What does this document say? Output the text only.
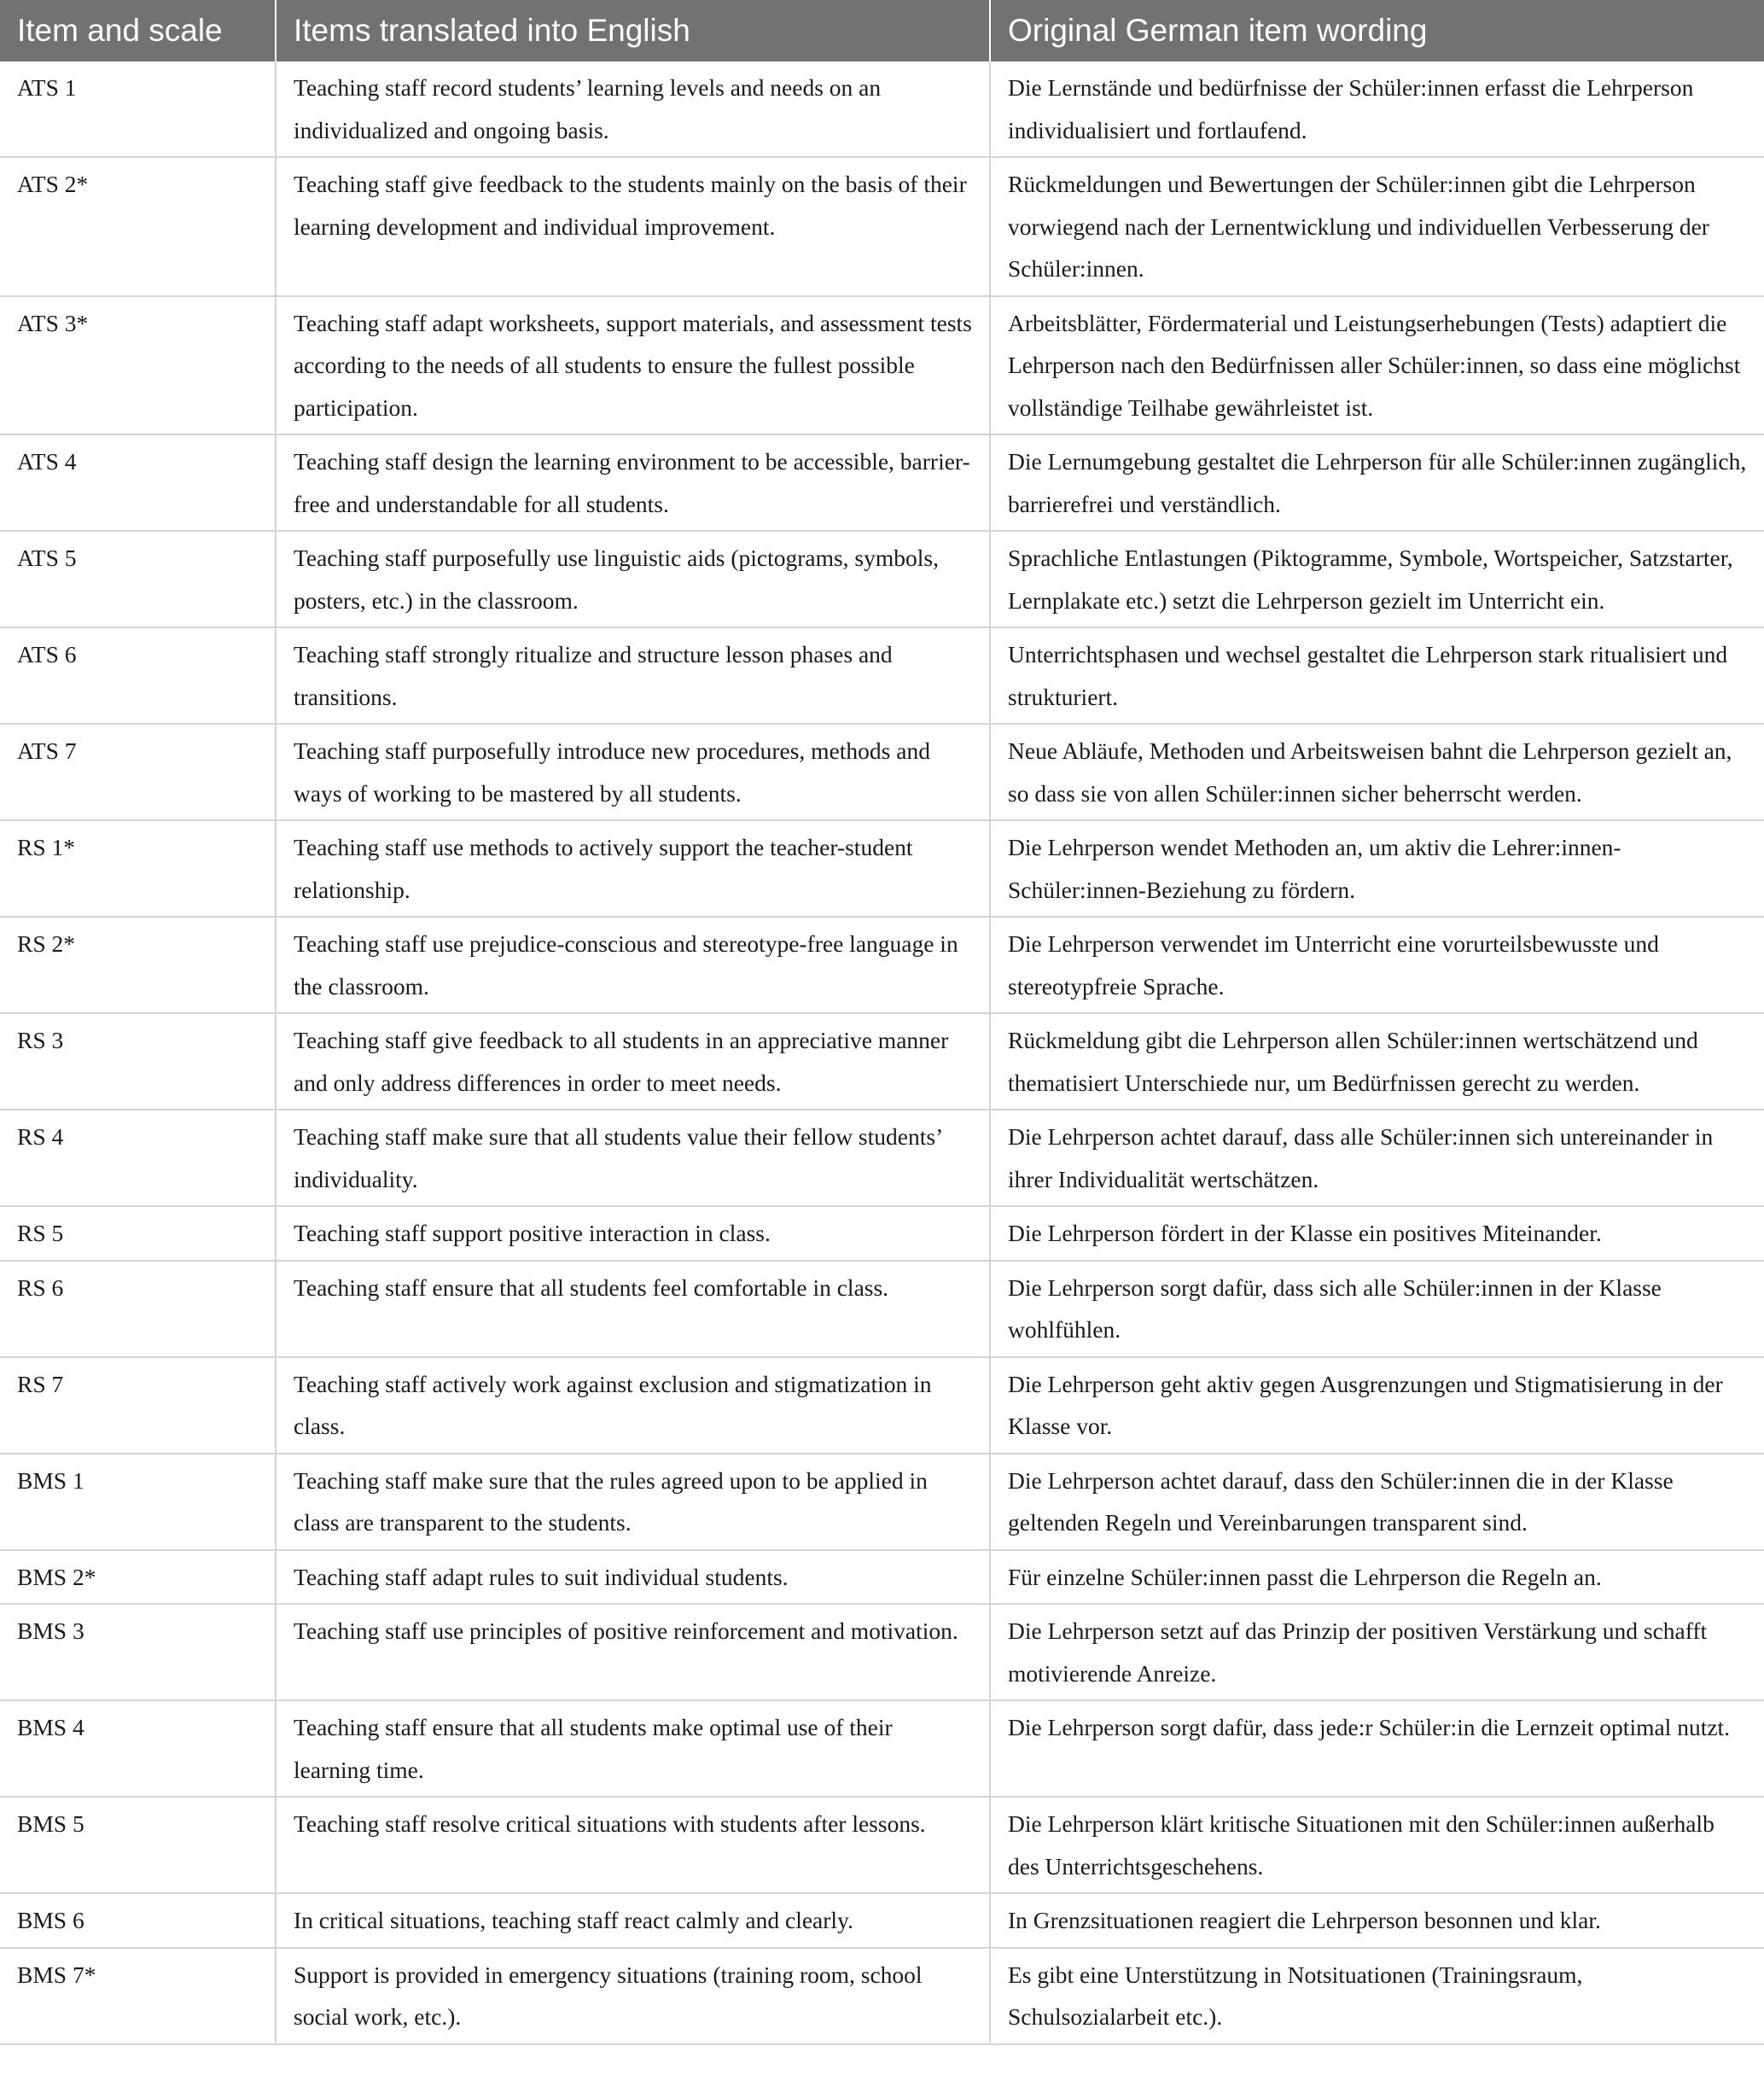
Item and scale	Items translated into English	Original German item wording
ATS 1	Teaching staff record students’ learning levels and needs on an individualized and ongoing basis.	Die Lernstände und bedürfnisse der Schüler:innen erfasst die Lehrperson individualisiert und fortlaufend.
ATS 2*	Teaching staff give feedback to the students mainly on the basis of their learning development and individual improvement.	Rückmeldungen und Bewertungen der Schüler:innen gibt die Lehrperson vorwiegend nach der Lernentwicklung und individuellen Verbesserung der Schüler:innen.
ATS 3*	Teaching staff adapt worksheets, support materials, and assessment tests according to the needs of all students to ensure the fullest possible participation.	Arbeitsblätter, Fördermaterial und Leistungserhebungen (Tests) adaptiert die Lehrperson nach den Bedürfnissen aller Schüler:innen, so dass eine möglichst vollständige Teilhabe gewährleistet ist.
ATS 4	Teaching staff design the learning environment to be accessible, barrier-free and understandable for all students.	Die Lernumgebung gestaltet die Lehrperson für alle Schüler:innen zugänglich, barrierefrei und verständlich.
ATS 5	Teaching staff purposefully use linguistic aids (pictograms, symbols, posters, etc.) in the classroom.	Sprachliche Entlastungen (Piktogramme, Symbole, Wortspeicher, Satzstarter, Lernplakate etc.) setzt die Lehrperson gezielt im Unterricht ein.
ATS 6	Teaching staff strongly ritualize and structure lesson phases and transitions.	Unterrichtsphasen und wechsel gestaltet die Lehrperson stark ritualisiert und strukturiert.
ATS 7	Teaching staff purposefully introduce new procedures, methods and ways of working to be mastered by all students.	Neue Abläufe, Methoden und Arbeitsweisen bahnt die Lehrperson gezielt an, so dass sie von allen Schüler:innen sicher beherrscht werden.
RS 1*	Teaching staff use methods to actively support the teacher-student relationship.	Die Lehrperson wendet Methoden an, um aktiv die Lehrer:innen-Schüler:innen-Beziehung zu fördern.
RS 2*	Teaching staff use prejudice-conscious and stereotype-free language in the classroom.	Die Lehrperson verwendet im Unterricht eine vorurteilsbewusste und stereotypfreie Sprache.
RS 3	Teaching staff give feedback to all students in an appreciative manner and only address differences in order to meet needs.	Rückmeldung gibt die Lehrperson allen Schüler:innen wertschätzend und thematisiert Unterschiede nur, um Bedürfnissen gerecht zu werden.
RS 4	Teaching staff make sure that all students value their fellow students’ individuality.	Die Lehrperson achtet darauf, dass alle Schüler:innen sich untereinander in ihrer Individualität wertschätzen.
RS 5	Teaching staff support positive interaction in class.	Die Lehrperson fördert in der Klasse ein positives Miteinander.
RS 6	Teaching staff ensure that all students feel comfortable in class.	Die Lehrperson sorgt dafür, dass sich alle Schüler:innen in der Klasse wohlfühlen.
RS 7	Teaching staff actively work against exclusion and stigmatization in class.	Die Lehrperson geht aktiv gegen Ausgrenzungen und Stigmatisierung in der Klasse vor.
BMS 1	Teaching staff make sure that the rules agreed upon to be applied in class are transparent to the students.	Die Lehrperson achtet darauf, dass den Schüler:innen die in der Klasse geltenden Regeln und Vereinbarungen transparent sind.
BMS 2*	Teaching staff adapt rules to suit individual students.	Für einzelne Schüler:innen passt die Lehrperson die Regeln an.
BMS 3	Teaching staff use principles of positive reinforcement and motivation.	Die Lehrperson setzt auf das Prinzip der positiven Verstärkung und schafft motivierende Anreize.
BMS 4	Teaching staff ensure that all students make optimal use of their learning time.	Die Lehrperson sorgt dafür, dass jede:r Schüler:in die Lernzeit optimal nutzt.
BMS 5	Teaching staff resolve critical situations with students after lessons.	Die Lehrperson klärt kritische Situationen mit den Schüler:innen außerhalb des Unterrichtsgeschehens.
BMS 6	In critical situations, teaching staff react calmly and clearly.	In Grenzsituationen reagiert die Lehrperson besonnen und klar.
BMS 7*	Support is provided in emergency situations (training room, school social work, etc.).	Es gibt eine Unterstützung in Notsituationen (Trainingsraum, Schulsozialarbeit etc.).
